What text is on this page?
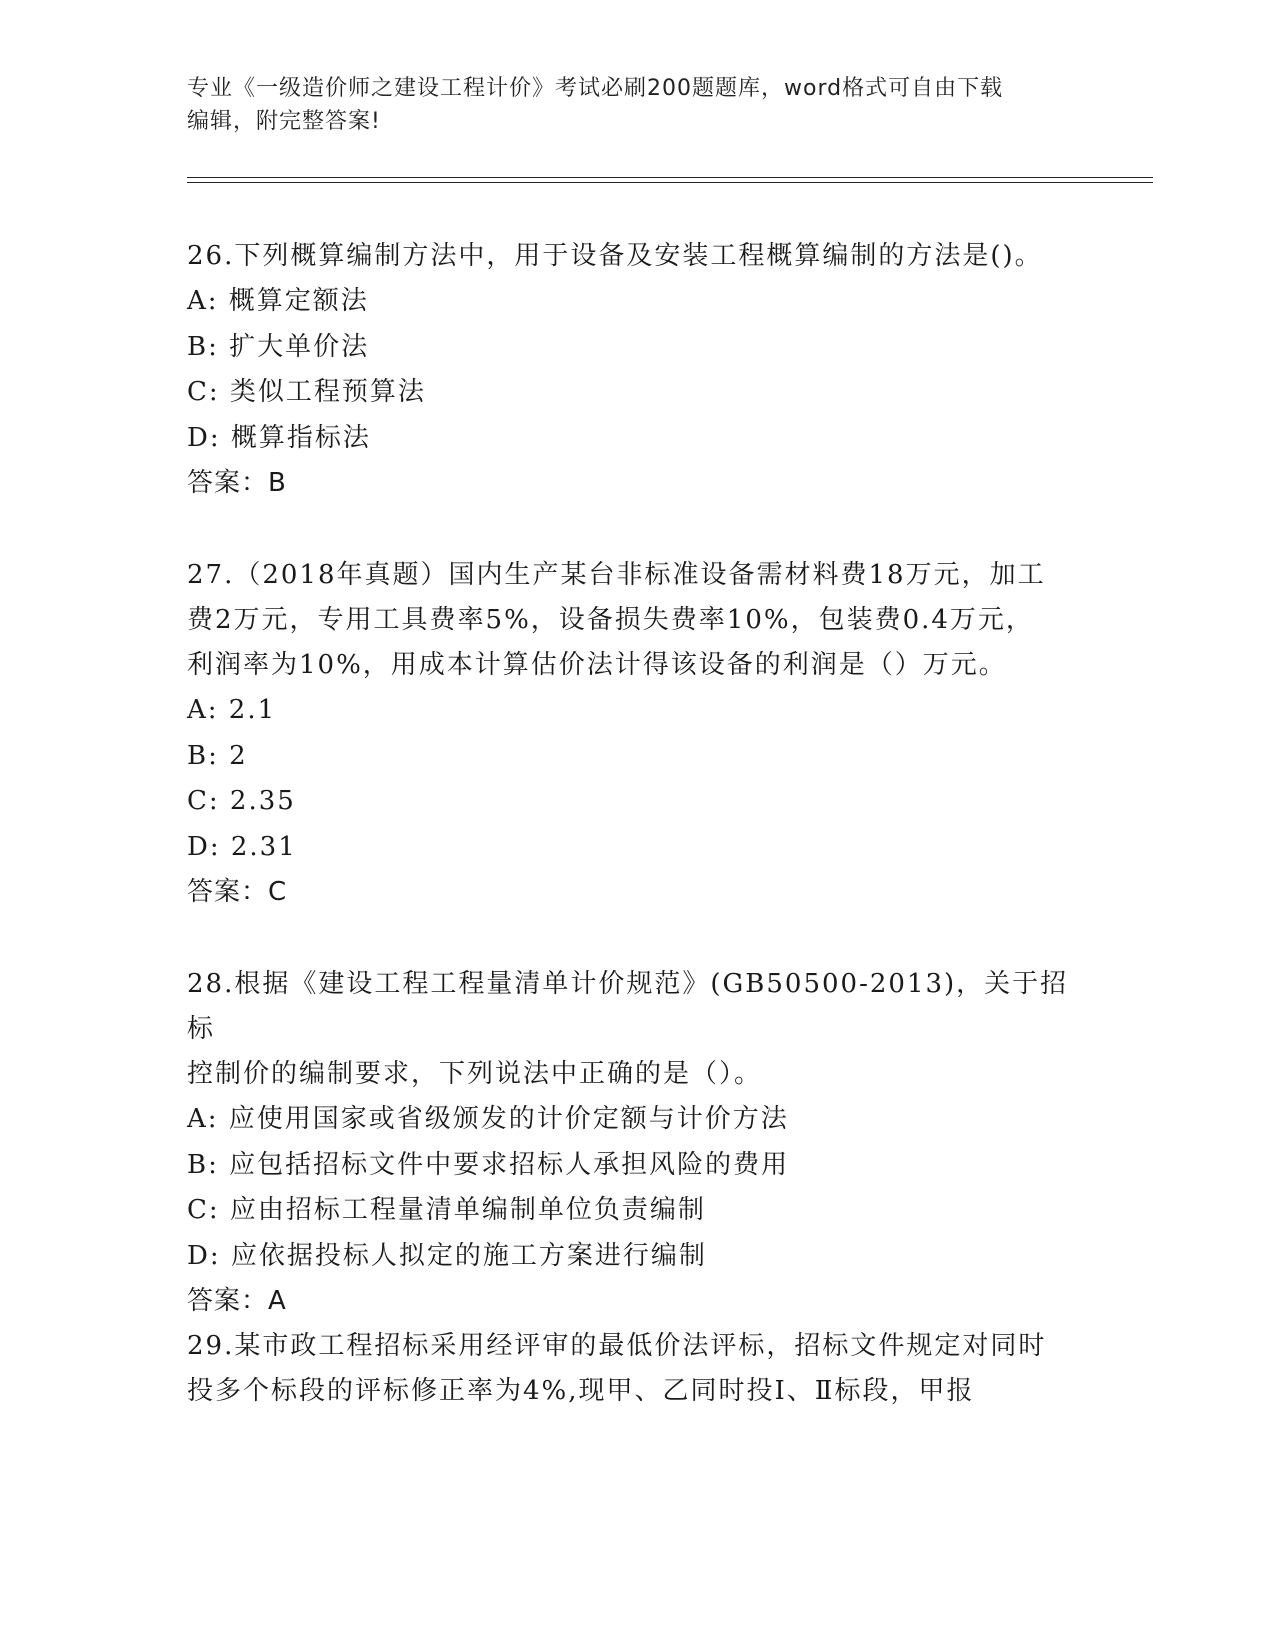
专业《一级造价师之建设工程计价》考试必刷200题题库，word格式可自由下载
编辑，附完整答案!

26.下列概算编制方法中，用于设备及安装工程概算编制的方法是()。

A: 概算定额法

B: 扩大单价法

C: 类似工程预算法

D: 概算指标法

答案：B

27.（2018年真题）国内生产某台非标准设备需材料费18万元，加工

费2万元，专用工具费率5%，设备损失费率10%，包装费0.4万元，

利润率为10%，用成本计算估价法计得该设备的利润是（）万元。

A: 2.1

B: 2

C: 2.35

D: 2.31

答案：C

28.根据《建设工程工程量清单计价规范》(GB50500-2013)，关于招标

控制价的编制要求，下列说法中正确的是（）。

A: 应使用国家或省级颁发的计价定额与计价方法

B: 应包括招标文件中要求招标人承担风险的费用

C: 应由招标工程量清单编制单位负责编制

D: 应依据投标人拟定的施工方案进行编制

答案：A

29.某市政工程招标采用经评审的最低价法评标，招标文件规定对同时

投多个标段的评标修正率为4%,现甲、乙同时投Ⅰ、Ⅱ标段，甲报
